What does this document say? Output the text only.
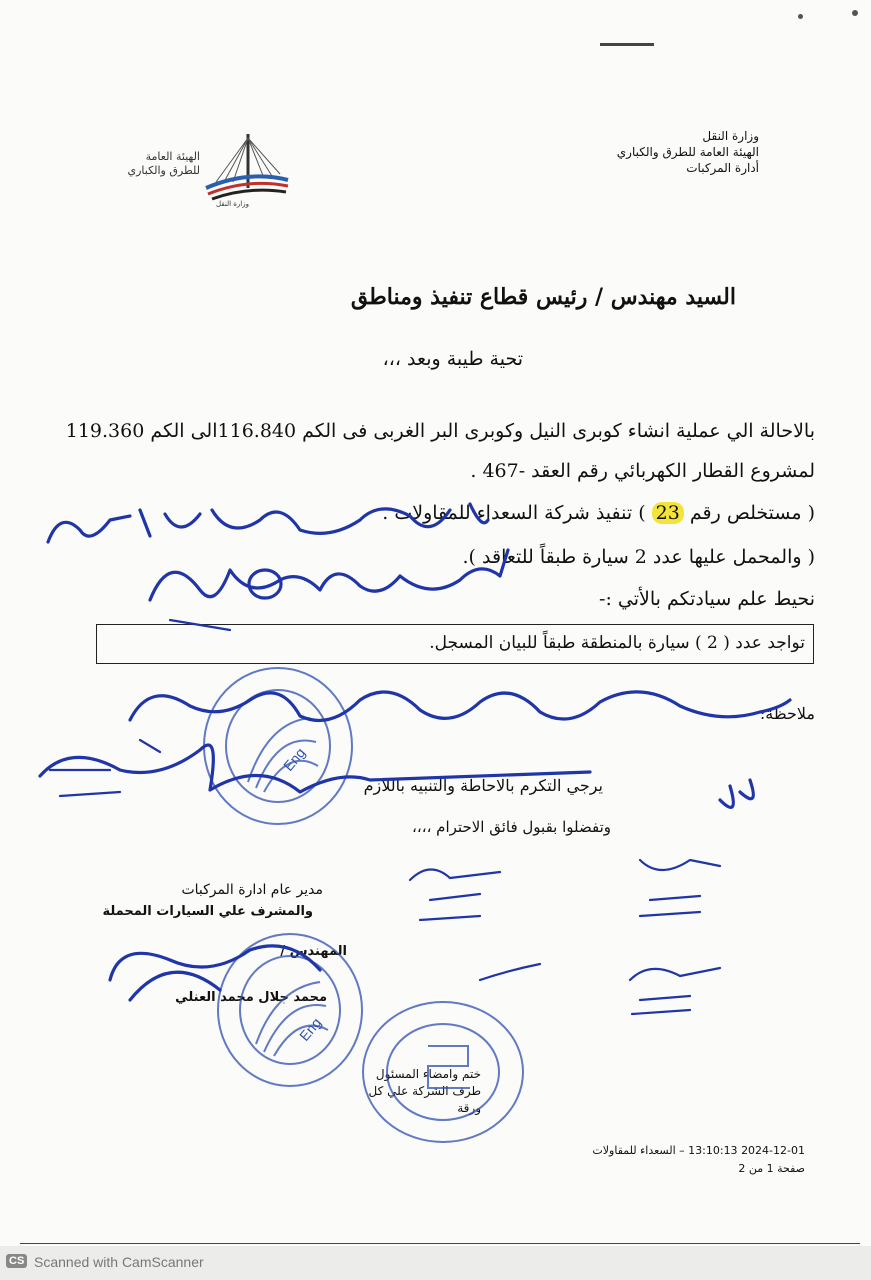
وزارة النقل
الهيئة العامة للطرق والكباري
أدارة المركبات
الهيئة العامة
للطرق والكباري
وزارة النقل
السيد مهندس / رئيس قطاع تنفيذ ومناطق
تحية طيبة وبعد ،،،
بالاحالة الي عملية انشاء كوبرى النيل وكوبرى البر الغربى فى الكم 116.840الى الكم 119.360
لمشروع القطار الكهربائي رقم العقد -467 .
( مستخلص رقم 23 ) تنفيذ شركة السعداء للمقاولات .
( والمحمل عليها عدد 2 سيارة طبقاً للتعاقد ).
نحيط علم سيادتكم بالأتي :-
تواجد عدد ( 2 ) سيارة بالمنطقة طبقاً للبيان المسجل.
ملاحظة:
يرجي التكرم بالاحاطة والتنبيه باللازم
وتفضلوا بقبول فائق الاحترام ،،،،
مدير عام ادارة المركبات
والمشرف علي السيارات المحملة
المهندس /
محمد جلال محمد العنلي
ختم وامضاء المسئول
طرف الشركة علي كل
ورقة
2024-12-01 13:10:13 – السعداء للمقاولات
صفحة 1 من 2
Eng
Eng
CS Scanned with CamScanner
